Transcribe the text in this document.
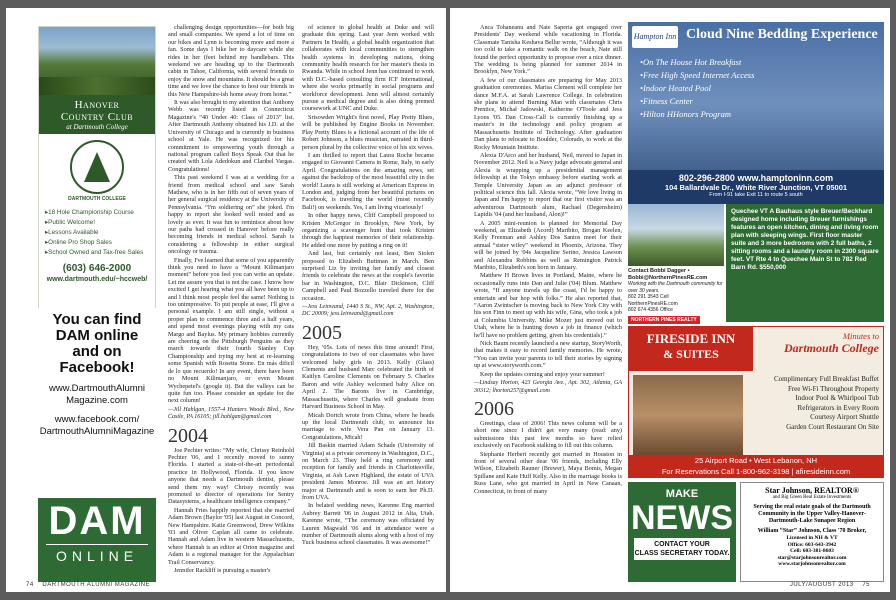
Hanover
Country Club
at Dartmouth College
DARTMOUTH COLLEGE
▸ 18 Hole Championship Course
▸ Public Welcome!
▸ Lessons Available
▸ Online Pro Shop Sales
▸ School Owned and Tax-free Sales
(603) 646-2000
www.dartmouth.edu/~hccweb/
You can find
DAM online
and on Facebook!
www.DartmouthAlumni
Magazine.com
www.facebook.com/
DartmouthAlumniMagazine
DAM
ONLINE

challenging design opportunities—for both big and small companies. We spend a lot of time on our bikes and Lynn is becoming more and more a fan. Some days I bike her to daycare while she rides in her (feet behind my handlebars. This weekend we are heading up to the Dartmouth cabin in Tahoe, California, with several friends to enjoy the snow and mountains. It should be a great time and we love the chance to host our friends in this New Hampshire-ish home away from home.”

It was also brought to my attention that Anthony Webb was recently listed in Connecticut Magazine's “40 Under 40: Class of 2013” list. After Dartmouth Anthony obtained his J.D. at the University of Chicago and is currently in business school at Yale. He was recognized for his commitment to empowering youth through a national program called Boys Speak Out that he created with Lola Adedokun and Claribel Vargas. Congratulations!

This past weekend I was at a wedding for a friend from medical school and saw Sarah Mathew, who is in her fifth out of seven years of her general surgical residency at the University of Pennsylvania. “I'm soldiering on” she joked. I'm happy to report she looked well rested and as lovely as ever. It was fun to reminisce about how our paths had crossed in Hanover before really becoming friends in medical school. Sarah is considering a fellowship in either surgical oncology or trauma.

Finally, I've learned that some of you apparently think you need to have a “Mount Kilimanjaro moment” before you feel you can write an update. Let me assure you that is not the case. I know how excited I get hearing what you all have been up to and I think most people feel the same! Nothing is too unimpressive. To put people at ease, I'll give a personal example. I am still single, without a proper plan to commence three and a half years, and spend most evenings playing with my cats Margo and Baylus. My primary hobbies currently are cheering on the Pittsburgh Penguins as they march towards their fourth Stanley Cup Championship and trying my best at re-learning some Spanish with Rosetta Stone. En más dificil de lo que recuerdo! In any event, there have been no Mount Kilimanjaro, or even Mount Wychepetel's (google it). But the valleys can be quite fun too. Please consider an update for the next column!

—Jill Hahlgan, 1557-4 Hunters Woods Blvd., New Castle, PA 16105; jill.hahlgan@gmail.com
2004

Joe Pechter writes: “My wife, Chrissy Reinhold Pechter '06, and I recently moved to sunny Florida. I started a state-of-the-art periodontal practice in Hollywood, Florida. If you know anyone that needs a Dartmouth dentist, please send them my way! Chrissy recently was promoted to director of operations for Sentry Datasystems, a healthcare intelligence company.”

Hannah Fries happily reported that she married Adam Brown (Baylor '05) last August in Concord, New Hampshire. Katie Greenwood, Drew Wilkins '03 and Oliver Caplan all came to celebrate. Hannah and Adam live in western Massachusetts, where Hannah is an editor at Orion magazine and Adam is a regional manager for the Appalachian Trail Conservancy.

Jennifer Rackliff is pursuing a master's

of science in global health at Duke and will graduate this spring. Last year Jenn worked with Partners In Health, a global health organization that collaborates with local communities to strengthen health systems in developing nations, doing community health research for her master's thesis in Rwanda. While in school Jenn has continued to work with D.C.-based consulting firm ICF International, where she works primarily in social programs and workforce development. Jenn will almost certainly pursue a medical degree and is also doing premed coursework at UNC and Duke.

Srisowden Wright's first novel, Play Pretty Blues, will be published by Engine Books in November. Play Pretty Blues is a fictional account of the life of Robert Johnson, a blues musician, narrated in third-person plural by the collective voice of his six wives.

I am thrilled to report that Laura Roche became engaged to Giovanni Camera in Rome, Italy, in early April. Congratulations on the amazing news, set against the backdrop of the most beautiful city in the world! Laura is still working at American Express in London and, judging from her beautiful pictures on Facebook, is traveling the world (most recently Bali!) on weekends. Yes, I am living vicariously!

In other happy news, Cliff Campbell proposed to Kristen McGregor in Brooklyn, New York, by organizing a scavenger hunt that took Kristen through the happiest memories of their relationship. He added one more by putting a ring on it!

And last, but certainly not least, Ben Stolen proposed to Elizabeth Buttman in March. Ben surprised Liz by inviting her family and closest friends to celebrate the news at the couple's favorite bar in Washington, D.C. Blair Dickinson, Cliff Campbell and Paul Bozzello traveled there for the occasion.

—Jess Leinwand, 1440 S St., NW, Apt. 2, Washington, DC 20009; jess.leinwand@gmail.com
2005

Hey, '05s. Lots of news this time around! First, congratulations to two of our classmates who have welcomed baby girls in 2013. Kelly (Glass) Clements and husband Marc celebrated the birth of Kaitlyn Caroline Clements on February 5. Charles Baron and wife Ashley welcomed baby Alice on April 2. The Barons live in Cambridge, Massachusetts, where Charles will graduate from Harvard Business School in May.

Micah Dortch wrote from China, where he heads up the local Dartmouth club, to announce his marriage to wife Vera Pan on January 13. Congratulations, Micah!

Jill Baskin married Adam Schade (University of Virginia) at a private ceremony in Washington, D.C., on March 23. They held a ring ceremony and reception for family and friends in Charlottesville, Virginia, at Ash Lawn Highland, the estate of UVA president James Monroe. Jill was an art history major at Dartmouth and is soon to earn her Ph.D. from UVA.

In belated wedding news, Karenne Eng married Aubrey Barrett '06 in August 2012 in Alta, Utah. Karenne wrote, “The ceremony was officiated by Lauren Magwald '06 and in attendance were a number of Dartmouth alums along with a host of my Tuck business school classmates. It was awesome!”

74 DARTMOUTH ALUMNI MAGAZINE

Anca Tohaneanu and Nate Saperia got engaged over Presidents' Day weekend while vacationing in Florida. Classmate Tanisha Keshava Bellur wrote, “Although it was too cold to take a romantic walk on the beach, Nate still found the perfect opportunity to propose over a nice dinner. The wedding is being planned for summer 2014 in Brooklyn, New York.”

A few of our classmates are preparing for May 2013 graduation ceremonies. Marisa Clement will complete her dance M.F.A. at Sarah Lawrence College. In celebration she plans to attend Burning Man with classmates Chris Prentice, Michał Jadowski, Katherine O'Toole and Jess Lyons '05. Dan Cross-Call is currently finishing up a master's in the technology and policy program at Massachusetts Institute of Technology. After graduation Dan plans to relocate to Boulder, Colorado, to work at the Rocky Mountain Institute.

Alexia D'Arco and her husband, Neil, moved to Japan in November 2012. Neil is a Navy judge advocate general and Alexia is wrapping up a presidential management fellowship at the Tokyo embassy before starting work at Temple University Japan as an adjunct professor of political science this fall. Alexia wrote, “We love living in Japan and I'm happy to report that our first visitor was an adventurous Dartmouth alum, Rachael (Degensheim) Lapidis '04 (and her husband, Alon)!”

A 2005 mini-reunion is planned for Memorial Day weekend, as Elizabeth (Acord) Maribito, Brogan Keelen, Kelly Freeman and Ashley Dos Santos meet for their annual “sister wifey” weekend in Phoenix, Arizona. They will be joined by '04s Jacqueline Serino, Jessica Lawson and Alexandra Robbins as well as Remington Patrick Maribito, Elizabeth's son born in January.

Matthew H Brown lives in Portland, Maine, where he occasionally runs into Dan and Julie ('04) Blum. Matthew wrote, “If anyone travels up the coast, I'd be happy to entertain and bar hop with folks.” He also reported that, “Aaron Zwintscher is moving back to New York City with his son Finn to meet up with his wife, Gina, who took a job at Columbia University. Mike Mozer just moved out to Utah, where he is hunting down a job in finance (which he'll have no problem getting, given his credentials).”

Nick Baum recently launched a new startup, StoryWorth, that makes it easy to record family memories. He wrote, “You can invite your parents to tell their stories by signing up at www.storyworth.com.”

Keep the updates coming and enjoy your summer!

—Lindsay Horton, 423 Georgia Ave., Apt. 302, Atlanta, GA 30312; lhorton257@gmail.com
2006

Greetings, class of 2006! This news column will be a short one since I didn't get very many (read: any) submissions this past few months so have relied exclusively on Facebook stalking to fill out this column.

Stephanie Herbert recently got married in Houston in front of several other dear '06 friends, including Elly Wilson, Elizabeth Rauner (Brewer), Maya Bomis, Megan Spillane and Kate Huff Kelly. Also in the marriage books is Russ Lane, who got married in April in New Canaan, Connecticut, in front of many

Hampton Inn Cloud Nine Bedding Experience
• On The House Hot Breakfast
• Free High Speed Internet Access
• Indoor Heated Pool
• Fitness Center
• Hilton HHonors Program
802-296-2800 www.hamptoninn.com
104 Ballardvale Dr., White River Junction, VT 05001
From I-91 take Exit 11 to route 5 south
Contact Bobbi Dagger • Bobbi@NorthernPinesRE.com
Working with the Dartmouth community for over 30 years.
802 291 3543 Cell
NorthernPinesRE.com
802 674 4356 Office
NORTHERN PINES REALTY
Quechee VT A Bauhaus style Breuer/Beckhard designed home including Breuer furnishings features an open kitchen, dining and living room plan with sleeping wings. First floor master suite and 3 more bedrooms with 2 full baths, 2 sitting rooms and a laundry room in 2300 square feet. VT Rte 4 to Quechee Main St to 782 Red Barn Rd. $550,000
FIRESIDE INN
& SUITES
Minutes to
Dartmouth College
Complimentary Full Breakfast Buffet
Free Wi-Fi Throughout Property
Indoor Pool & Whirlpool Tub
Refrigerators in Every Room
Courtesy Airport Shuttle
Garden Court Restaurant On Site
25 Airport Road • West Lebanon, NH
For Reservations Call 1-800-962-3198 | afiresideinn.com
MAKE
NEWS
CONTACT YOUR
CLASS SECRETARY TODAY.
Star Johnson, REALTOR®
and Big Green Real Estate Investments
Serving the real estate goals of the Dartmouth Community in the Upper Valley-Hanover-Dartmouth-Lake Sunapee Region
William “Star” Johnson, Class '70 Broker,
Licensed in NH & VT
Office: 603-643-3942
Cell: 603-381-8603
star@starjohnsonrealtor.com
www.starjohnsonrealtor.com
JULY/AUGUST 2013 75
